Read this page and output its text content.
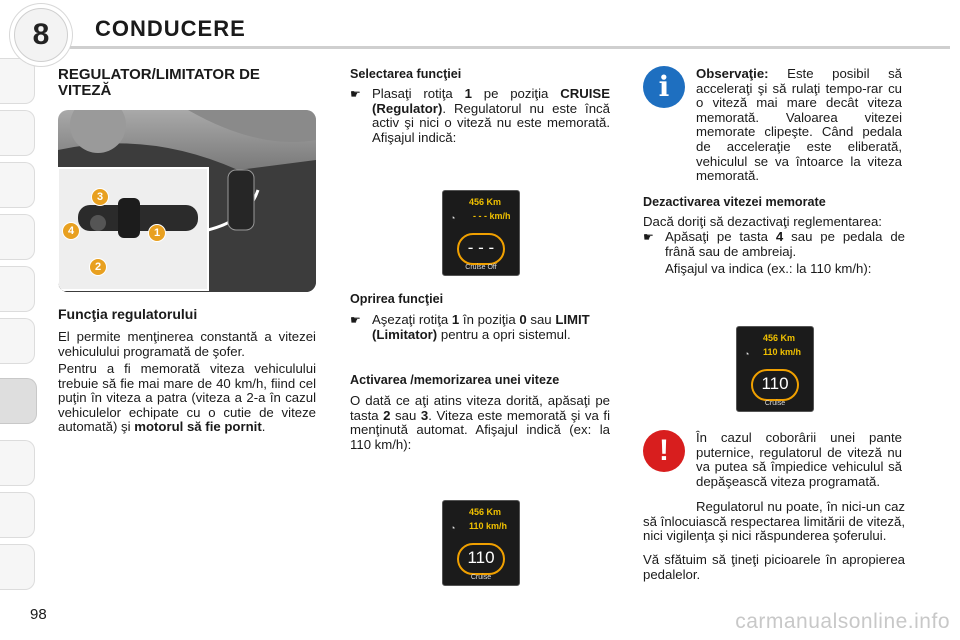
8	CONDUCERE
REGULATOR/LIMITATOR DE
VITEZĂ
3
4	1
2
Funcţia regulatorului

El permite menţinerea constantă a vitezei vehiculului programată de şofer.

Pentru a fi memorată viteza vehiculului trebuie să fie mai mare de 40 km/h, fiind cel puţin în viteza a patra (viteza a 2-a în cazul vehiculelor echipate cu o cutie de viteze automată) şi motorul să fie pornit.

Selectarea funcţiei
☛ Plasaţi rotiţa 1 pe poziţia CRUISE (Regulator). Regulatorul nu este încă activ şi nici o viteză nu este memorată. Afişajul indică:

◔
456 Km
- - - km/h
- - -
Cruise Off
Oprirea funcţiei
☛ Aşezaţi rotiţa 1 în poziţia 0 sau LIMIT (Limitator) pentru a opri sistemul.

Activarea /memorizarea unei viteze

O dată ce aţi atins viteza dorită, apăsaţi pe tasta 2 sau 3. Viteza este memorată şi va fi menţinută automat. Afişajul indică (ex: la 110 km/h):

◔
456 Km
110 km/h
110
Cruise
i	Observaţie: Este posibil să acceleraţi şi să rulaţi tempo-rar cu o viteză mai mare decât viteza memorată. Valoarea vitezei memorate clipeşte. Când pedala de acceleraţie este eliberată, vehiculul se va întoarce la viteza memorată.

Dezactivarea vitezei memorate

Dacă doriţi să dezactivaţi reglementarea:

☛ Apăsaţi pe tasta 4 sau pe pedala de frână sau de ambreiaj.

Afişajul va indica (ex.: la 110 km/h):

◔
456 Km
110 km/h
110
Cruise
!	În cazul coborârii unei pante puternice, regulatorul de viteză nu va putea să împiedice vehiculul să depăşească viteza programată.

Regulatorul nu poate, în nici-un caz să înlocuiască respectarea limitării de viteză, nici vigilenţa şi nici răspunderea şoferului.

Vă sfătuim să ţineţi picioarele în apropierea pedalelor.

98	carmanualsonline.info
